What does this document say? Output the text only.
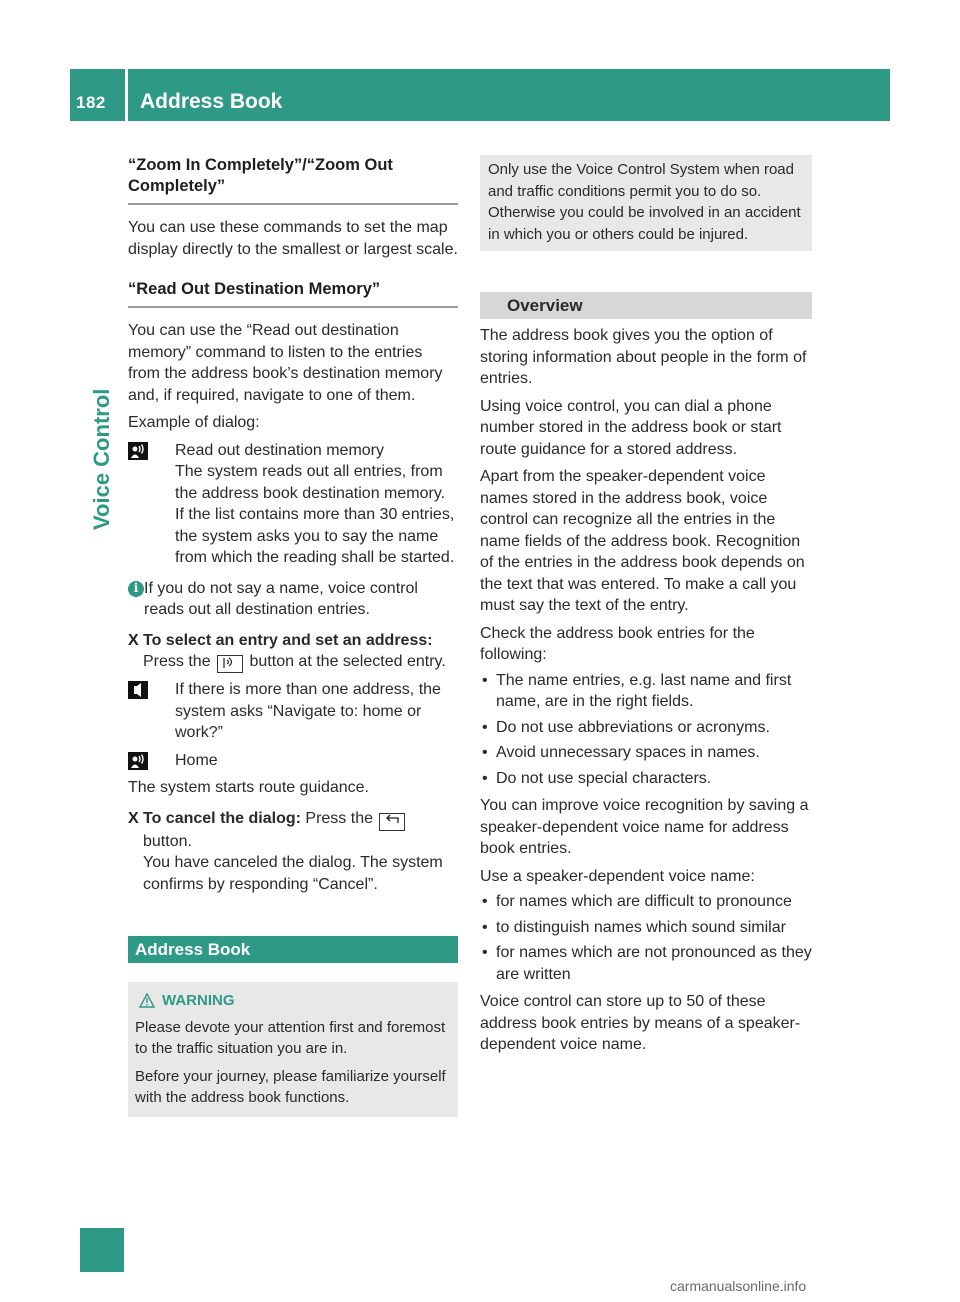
182 Address Book
Voice Control
“Zoom In Completely”/“Zoom Out Completely”
You can use these commands to set the map display directly to the smallest or largest scale.
“Read Out Destination Memory”
You can use the “Read out destination memory” command to listen to the entries from the address book’s destination memory and, if required, navigate to one of them.
Example of dialog:
Read out destination memory
The system reads out all entries, from the address book destination memory. If the list contains more than 30 entries, the system asks you to say the name from which the reading shall be started.
i If you do not say a name, voice control reads out all destination entries.
X To select an entry and set an address:
Press the button at the selected entry.
If there is more than one address, the system asks “Navigate to: home or work?”
Home
The system starts route guidance.
X To cancel the dialog: Press the
button.
You have canceled the dialog. The system confirms by responding “Cancel”.
Address Book
WARNING
Please devote your attention first and foremost to the traffic situation you are in.
Before your journey, please familiarize yourself with the address book functions.
Only use the Voice Control System when road and traffic conditions permit you to do so. Otherwise you could be involved in an accident in which you or others could be injured.
Overview
The address book gives you the option of storing information about people in the form of entries.
Using voice control, you can dial a phone number stored in the address book or start route guidance for a stored address.
Apart from the speaker-dependent voice names stored in the address book, voice control can recognize all the entries in the name fields of the address book. Recognition of the entries in the address book depends on the text that was entered. To make a call you must say the text of the entry.
Check the address book entries for the following:
• The name entries, e.g. last name and first name, are in the right fields.
• Do not use abbreviations or acronyms.
• Avoid unnecessary spaces in names.
• Do not use special characters.
You can improve voice recognition by saving a speaker-dependent voice name for address book entries.
Use a speaker-dependent voice name:
• for names which are difficult to pronounce
• to distinguish names which sound similar
• for names which are not pronounced as they are written
Voice control can store up to 50 of these address book entries by means of a speaker-dependent voice name.
carmanualsonline.info
